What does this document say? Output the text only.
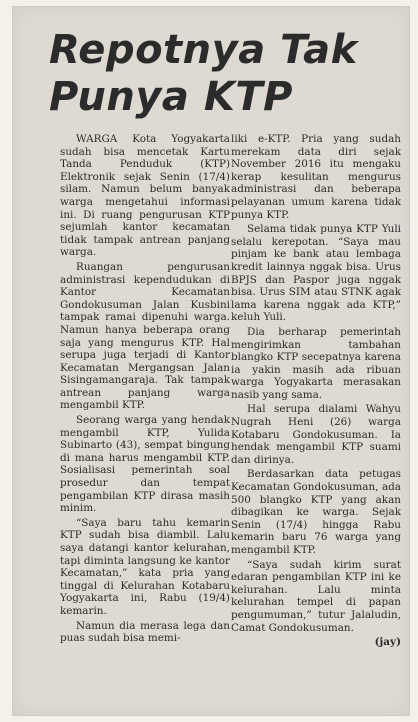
Repotnya Tak
Punya KTP

WARGA Kota Yogyakarta sudah bisa mencetak Kartu Tanda Penduduk (KTP) Elektronik sejak Senin (17/4) silam. Namun belum banyak warga mengetahui informasi ini. Di ruang pengurusan KTP sejumlah kantor kecamatan tidak tampak antrean panjang warga.

Ruangan pengurusan administrasi kependudukan di Kantor Kecamatan Gondokusuman Jalan Kusbini tampak ramai dipenuhi warga. Namun hanya beberapa orang saja yang mengurus KTP. Hal serupa juga terjadi di Kantor Kecamatan Mergangsan Jalan Sisingamangaraja. Tak tampak antrean panjang warga mengambil KTP.

Seorang warga yang hendak mengambil KTP, Yulida Subinarto (43), sempat bingung di mana harus mengambil KTP. Sosialisasi pemerintah soal prosedur dan tempat pengambilan KTP dirasa masih minim.

“Saya baru tahu kemarin KTP sudah bisa diambil. Lalu saya datangi kantor kelurahan, tapi diminta langsung ke kantor Kecamatan,” kata pria yang tinggal di Kelurahan Kotabaru Yogyakarta ini, Rabu (19/4) kemarin.

Namun dia merasa lega dan puas sudah bisa memi-

liki e-KTP. Pria yang sudah merekam data diri sejak November 2016 itu mengaku kerap kesulitan mengurus administrasi dan beberapa pelayanan umum karena tidak punya KTP.

Selama tidak punya KTP Yuli selalu kerepotan. “Saya mau pinjam ke bank atau lembaga kredit lainnya nggak bisa. Urus BPJS dan Paspor juga nggak bisa. Urus SIM atau STNK agak lama karena nggak ada KTP,” keluh Yuli.

Dia berharap pemerintah mengirimkan tambahan blangko KTP secepatnya karena ia yakin masih ada ribuan warga Yogyakarta merasakan nasib yang sama.

Hal serupa dialami Wahyu Nugrah Heni (26) warga Kotabaru Gondokusuman. Ia hendak mengambil KTP suami dan dirinya.

Berdasarkan data petugas Kecamatan Gondokusuman, ada 500 blangko KTP yang akan dibagikan ke warga. Sejak Senin (17/4) hingga Rabu kemarin baru 76 warga yang mengambil KTP.

“Saya sudah kirim surat edaran pengambilan KTP ini ke kelurahan. Lalu minta kelurahan tempel di papan pengumuman,” tutur Jalaludin, Camat Gondokusuman.

(jay)
